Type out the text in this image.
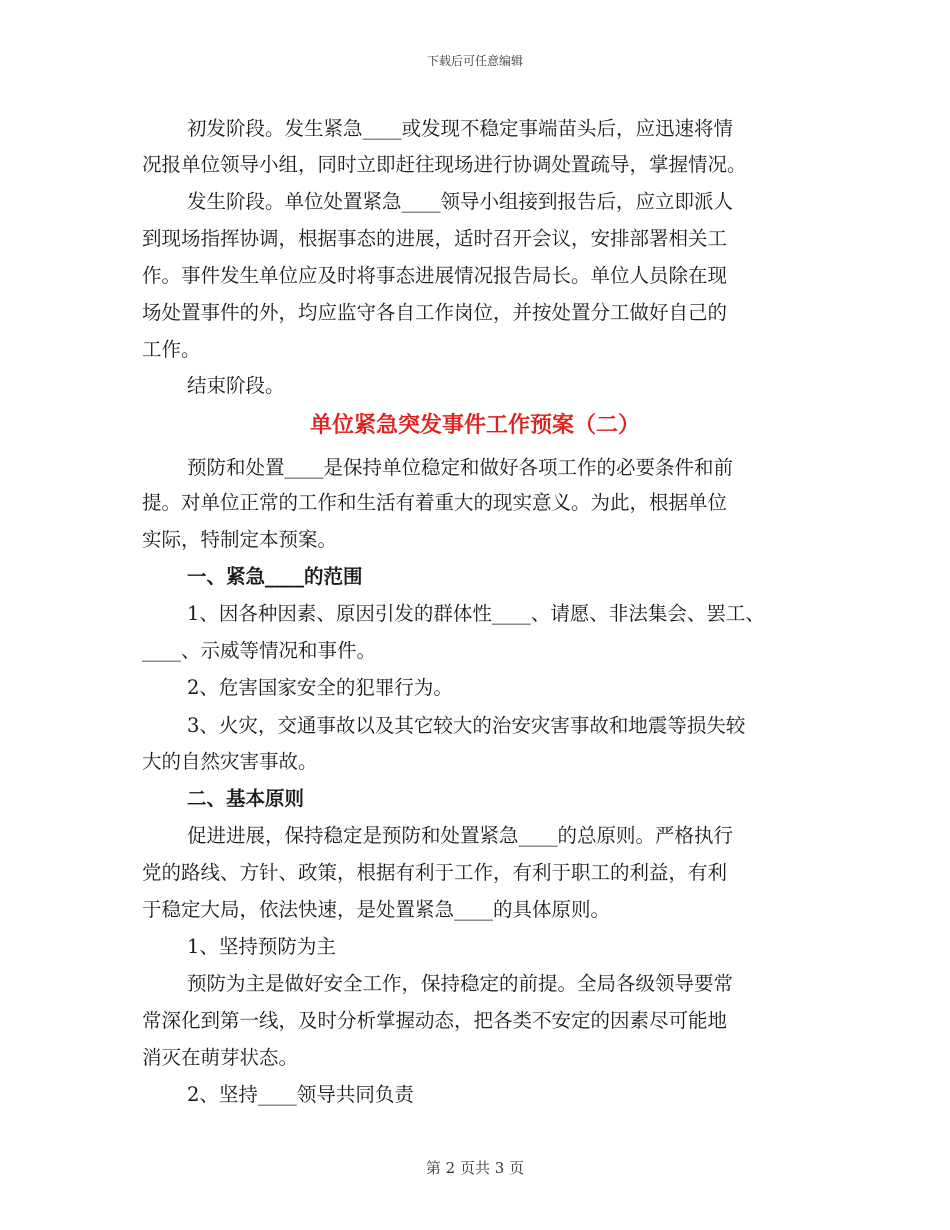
下载后可任意编辑
初发阶段。发生紧急____或发现不稳定事端苗头后，应迅速将情
况报单位领导小组，同时立即赶往现场进行协调处置疏导，掌握情况。
发生阶段。单位处置紧急____领导小组接到报告后，应立即派人
到现场指挥协调，根据事态的进展，适时召开会议，安排部署相关工
作。事件发生单位应及时将事态进展情况报告局长。单位人员除在现
场处置事件的外，均应监守各自工作岗位，并按处置分工做好自己的
工作。
结束阶段。
单位紧急突发事件工作预案（二）
预防和处置____是保持单位稳定和做好各项工作的必要条件和前
提。对单位正常的工作和生活有着重大的现实意义。为此，根据单位
实际，特制定本预案。
一、紧急____的范围
1、因各种因素、原因引发的群体性____、请愿、非法集会、罢工、
____、示威等情况和事件。
2、危害国家安全的犯罪行为。
3、火灾，交通事故以及其它较大的治安灾害事故和地震等损失较
大的自然灾害事故。
二、基本原则
促进进展，保持稳定是预防和处置紧急____的总原则。严格执行
党的路线、方针、政策，根据有利于工作，有利于职工的利益，有利
于稳定大局，依法快速，是处置紧急____的具体原则。
1、坚持预防为主
预防为主是做好安全工作，保持稳定的前提。全局各级领导要常
常深化到第一线，及时分析掌握动态，把各类不安定的因素尽可能地
消灭在萌芽状态。
2、坚持____领导共同负责
第 2 页共 3 页
